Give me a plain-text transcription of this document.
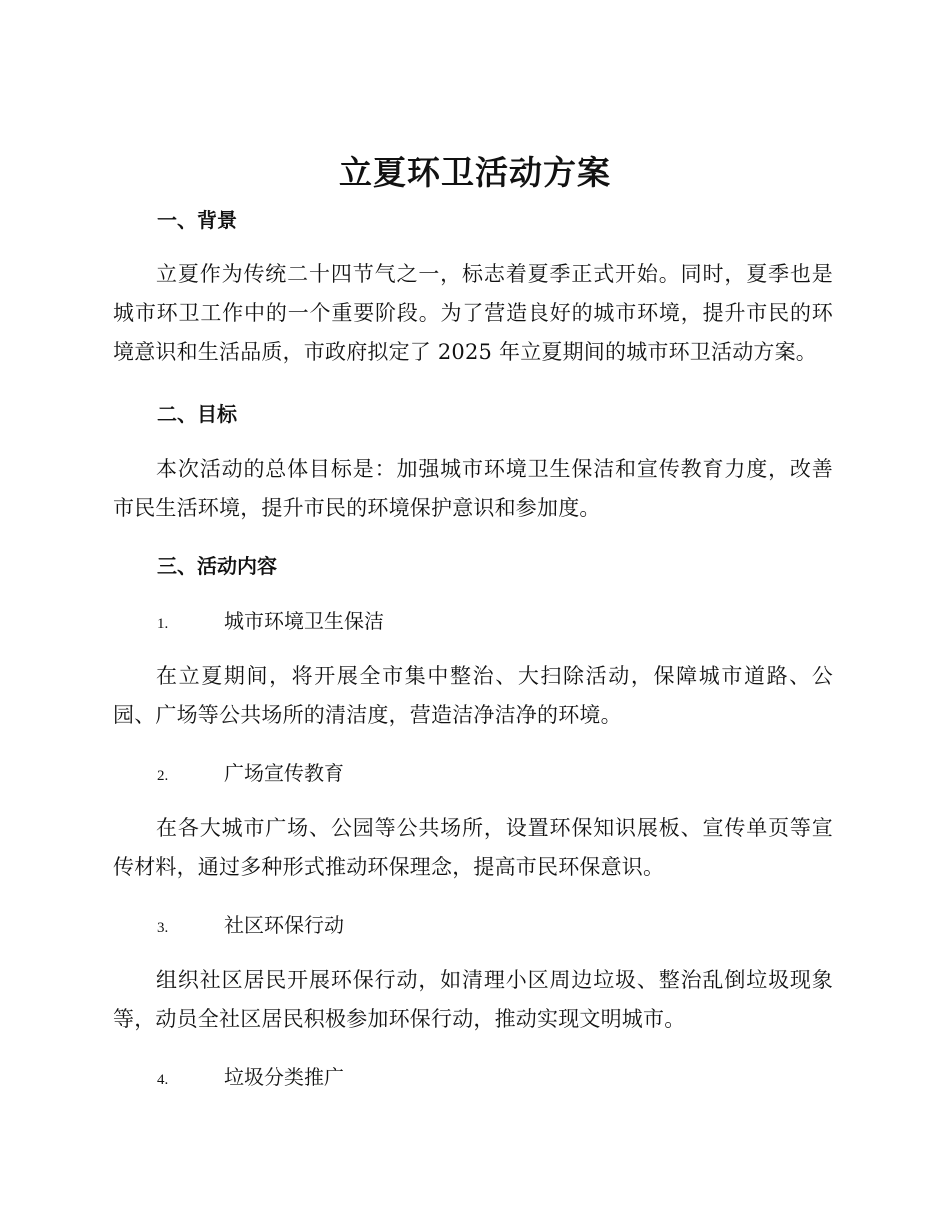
立夏环卫活动方案
一、背景

立夏作为传统二十四节气之一，标志着夏季正式开始。同时，夏季也是城市环卫工作中的一个重要阶段。为了营造良好的城市环境，提升市民的环境意识和生活品质，市政府拟定了 2025 年立夏期间的城市环卫活动方案。

二、目标

本次活动的总体目标是：加强城市环境卫生保洁和宣传教育力度，改善市民生活环境，提升市民的环境保护意识和参加度。

三、活动内容
1.	城市环境卫生保洁

在立夏期间，将开展全市集中整治、大扫除活动，保障城市道路、公园、广场等公共场所的清洁度，营造洁净洁净的环境。

2.	广场宣传教育

在各大城市广场、公园等公共场所，设置环保知识展板、宣传单页等宣传材料，通过多种形式推动环保理念，提高市民环保意识。

3.	社区环保行动

组织社区居民开展环保行动，如清理小区周边垃圾、整治乱倒垃圾现象等，动员全社区居民积极参加环保行动，推动实现文明城市。

4.	垃圾分类推广
